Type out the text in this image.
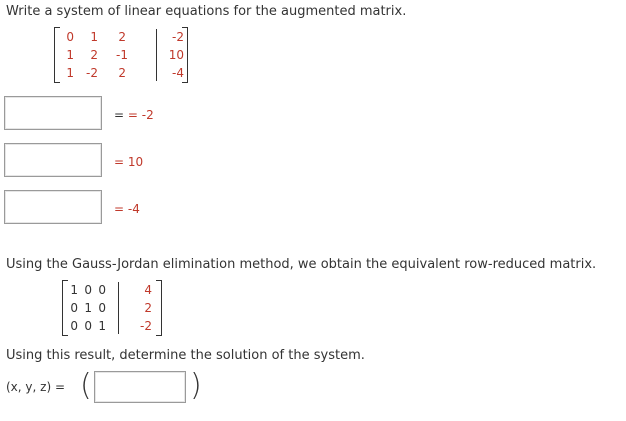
Write a system of linear equations for the augmented matrix.
0	1	2	-2
1	2	-1	10
1	-2	2	-4
= = -2
= 10
= -4
Using the Gauss-Jordan elimination method, we obtain the equivalent row-reduced matrix.
1 0 0	4
0 1 0	2
0 0 1	-2
Using this result, determine the solution of the system.
(x, y, z) = (	)
